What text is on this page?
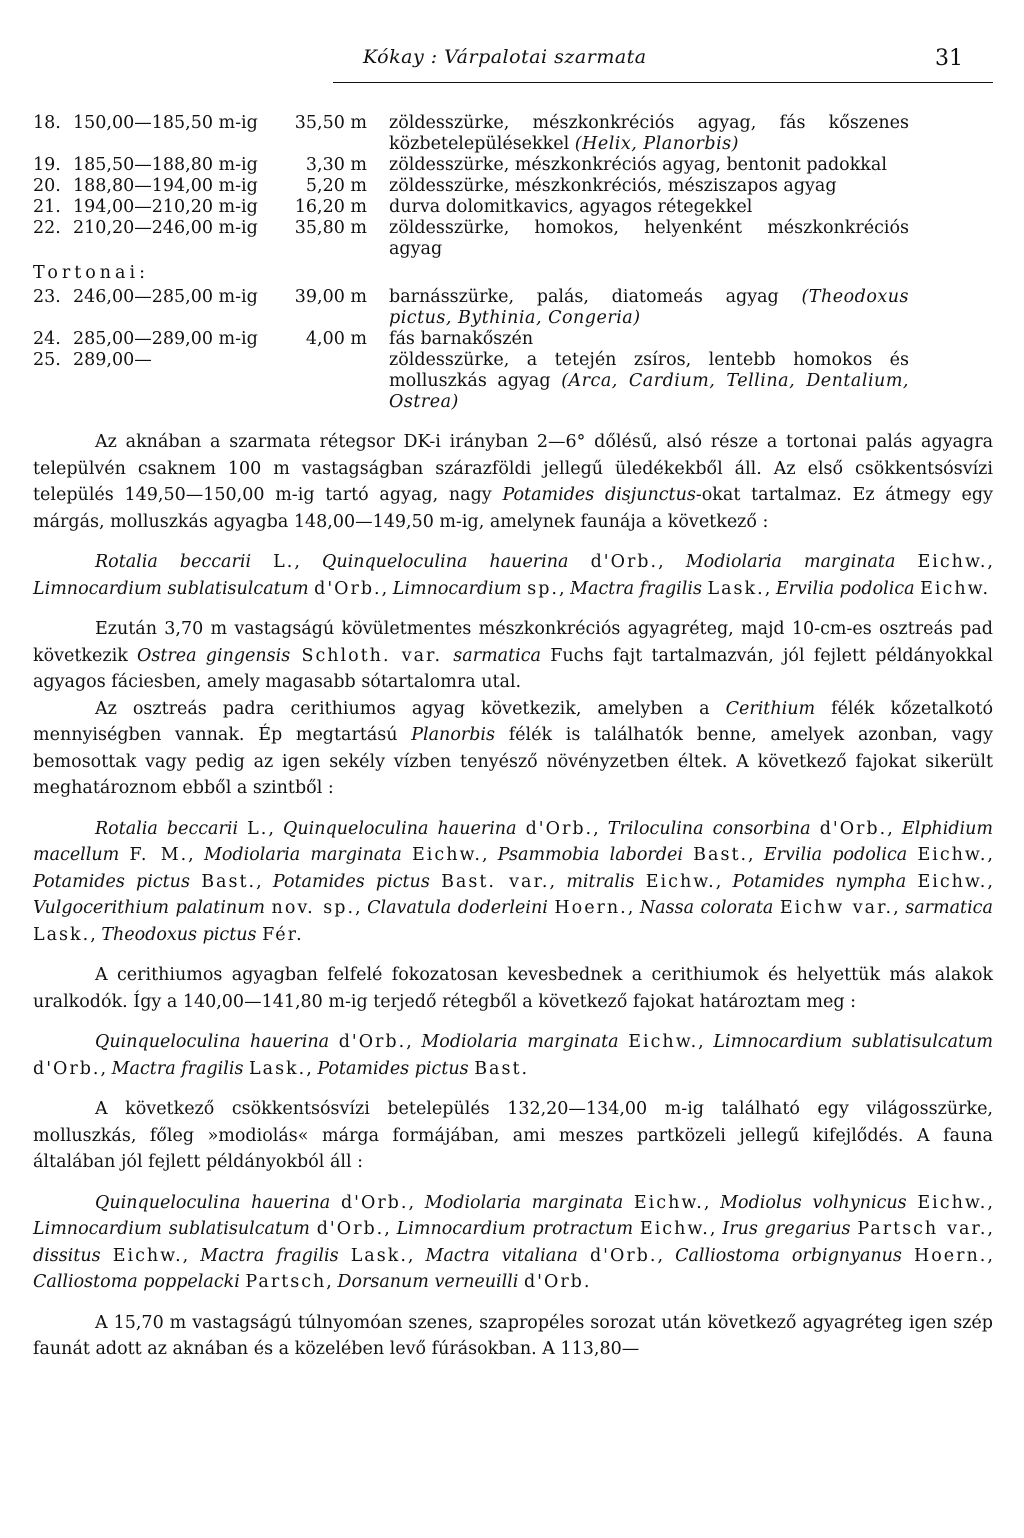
Kókay : Várpalotai szarmata	31
18. 150,00—185,50 m-ig	35,50 m zöldesszürke, mészkonkréciós agyag, fás kőszenes közbetelepülésekkel (Helix, Planorbis)
19. 185,50—188,80 m-ig	3,30 m zöldesszürke, mészkonkréciós agyag, bentonit padokkal
20. 188,80—194,00 m-ig	5,20 m zöldesszürke, mészkonkréciós, mésziszapos agyag
21. 194,00—210,20 m-ig	16,20 m durva dolomitkavics, agyagos rétegekkel
22. 210,20—246,00 m-ig	35,80 m zöldesszürke, homokos, helyenként mészkonkréciós agyag
Tortonai:
23. 246,00—285,00 m-ig	39,00 m barnásszürke, palás, diatomeás agyag (Theodoxus pictus, Bythinia, Congeria)
24. 285,00—289,00 m-ig	4,00 m fás barnakőszén
25. 289,00—	zöldesszürke, a tetején zsíros, lentebb homokos és molluszkás agyag (Arca, Cardium, Tellina, Dentalium, Ostrea)

Az aknában a szarmata rétegsor DK-i irányban 2—6° dőlésű, alsó része a tortonai palás agyagra települvén csaknem 100 m vastagságban szárazföldi jellegű üledékekből áll. Az első csökkentsósvízi település 149,50—150,00 m-ig tartó agyag, nagy Potamides disjunctus-okat tartalmaz. Ez átmegy egy márgás, molluszkás agyagba 148,00—149,50 m-ig, amelynek faunája a következő :

Rotalia beccarii L., Quinqueloculina hauerina d'Orb., Modiolaria marginata Eichw., Limnocardium sublatisulcatum d'Orb., Limnocardium sp., Mactra fragilis Lask., Ervilia podolica Eichw.

Ezután 3,70 m vastagságú kövületmentes mészkonkréciós agyagréteg, majd 10-cm-es osztreás pad következik Ostrea gingensis Schloth. var. sarmatica Fuchs fajt tartalmazván, jól fejlett példányokkal agyagos fáciesben, amely magasabb sótartalomra utal.

Az osztreás padra cerithiumos agyag következik, amelyben a Cerithium félék kőzetalkotó mennyiségben vannak. Ép megtartású Planorbis félék is találhatók benne, amelyek azonban, vagy bemosottak vagy pedig az igen sekély vízben tenyésző növényzetben éltek. A következő fajokat sikerült meghatároznom ebből a szintből :

Rotalia beccarii L., Quinqueloculina hauerina d'Orb., Triloculina consorbina d'Orb., Elphidium macellum F. M., Modiolaria marginata Eichw., Psammobia labordei Bast., Ervilia podolica Eichw., Potamides pictus Bast., Potamides pictus Bast. var., mitralis Eichw., Potamides nympha Eichw., Vulgocerithium palatinum nov. sp., Clavatula doderleini Hoern., Nassa colorata Eichw var., sarmatica Lask., Theodoxus pictus Fér.

A cerithiumos agyagban felfelé fokozatosan kevesbednek a cerithiumok és helyettük más alakok uralkodók. Így a 140,00—141,80 m-ig terjedő rétegből a következő fajokat határoztam meg :

Quinqueloculina hauerina d'Orb., Modiolaria marginata Eichw., Limnocardium sublatisulcatum d'Orb., Mactra fragilis Lask., Potamides pictus Bast.

A következő csökkentsósvízi betelepülés 132,20—134,00 m-ig található egy világosszürke, molluszkás, főleg »modiolás« márga formájában, ami meszes partközeli jellegű kifejlődés. A fauna általában jól fejlett példányokból áll :

Quinqueloculina hauerina d'Orb., Modiolaria marginata Eichw., Modiolus volhynicus Eichw., Limnocardium sublatisulcatum d'Orb., Limnocardium protractum Eichw., Irus gregarius Partsch var., dissitus Eichw., Mactra fragilis Lask., Mactra vitaliana d'Orb., Calliostoma orbignyanus Hoern., Calliostoma poppelacki Partsch, Dorsanum verneuilli d'Orb.

A 15,70 m vastagságú túlnyomóan szenes, szapropéles sorozat után következő agyagréteg igen szép faunát adott az aknában és a közelében levő fúrásokban. A 113,80—
